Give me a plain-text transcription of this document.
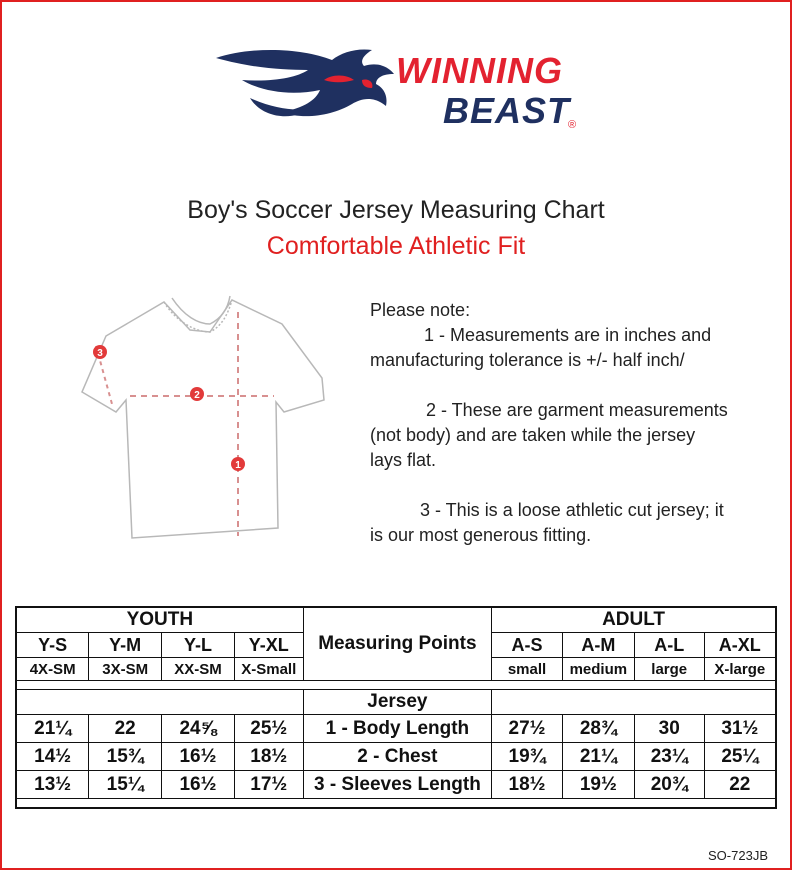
WINNING
BEAST
®
Boy's Soccer Jersey Measuring Chart
Comfortable Athletic Fit
1
2
3

Please note:

1 - Measurements are in inches and

manufacturing tolerance is +/- half inch/

2 - These are garment measurements

(not body) and are taken while the jersey

lays flat.

3 - This is a loose athletic cut jersey; it

is our most generous fitting.

YOUTH				Measuring Points	ADULT			
Y-S	Y-M	Y-L	Y-XL		A-S	A-M	A-L	A-XL
4X-SM	3X-SM	XX-SM	X-Small		small	medium	large	X-large

				Jersey				
21¼	22	24⅝	25½	1 - Body Length	27½	28¾	30	31½
14½	15¾	16½	18½	2 - Chest	19¾	21¼	23¼	25¼
13½	15¼	16½	17½	3 - Sleeves Length	18½	19½	20¾	22

SO-723JB
